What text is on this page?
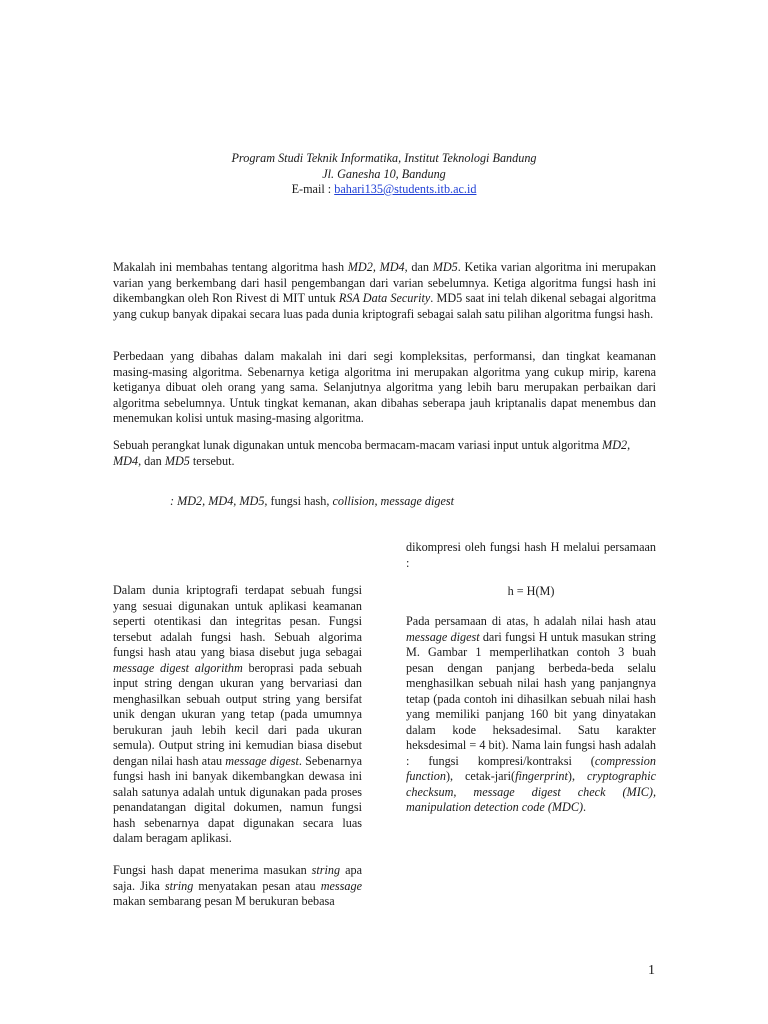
Program Studi Teknik Informatika, Institut Teknologi Bandung
Jl. Ganesha 10, Bandung
E-mail : bahari135@students.itb.ac.id

Makalah ini membahas tentang algoritma hash MD2, MD4, dan MD5. Ketika varian algoritma ini merupakan varian yang berkembang dari hasil pengembangan dari varian sebelumnya. Ketiga algoritma fungsi hash ini dikembangkan oleh Ron Rivest di MIT untuk RSA Data Security. MD5 saat ini telah dikenal sebagai algoritma yang cukup banyak dipakai secara luas pada dunia kriptografi sebagai salah satu pilihan algoritma fungsi hash.

Perbedaan yang dibahas dalam makalah ini dari segi kompleksitas, performansi, dan tingkat keamanan masing-masing algoritma. Sebenarnya ketiga algoritma ini merupakan algoritma yang cukup mirip, karena ketiganya dibuat oleh orang yang sama. Selanjutnya algoritma yang lebih baru merupakan perbaikan dari algoritma sebelumnya. Untuk tingkat kemanan, akan dibahas seberapa jauh kriptanalis dapat menembus dan menemukan kolisi untuk masing-masing algoritma.

Sebuah perangkat lunak digunakan untuk mencoba bermacam-macam variasi input untuk algoritma MD2, MD4, dan MD5 tersebut.

: MD2, MD4, MD5, fungsi hash, collision, message digest

Dalam dunia kriptografi terdapat sebuah fungsi yang sesuai digunakan untuk aplikasi keamanan seperti otentikasi dan integritas pesan. Fungsi tersebut adalah fungsi hash. Sebuah algorima fungsi hash atau yang biasa disebut juga sebagai message digest algorithm beroprasi pada sebuah input string dengan ukuran yang bervariasi dan menghasilkan sebuah output string yang bersifat unik dengan ukuran yang tetap (pada umumnya berukuran jauh lebih kecil dari pada ukuran semula). Output string ini kemudian biasa disebut dengan nilai hash atau message digest. Sebenarnya fungsi hash ini banyak dikembangkan dewasa ini salah satunya adalah untuk digunakan pada proses penandatangan digital dokumen, namun fungsi hash sebenarnya dapat digunakan secara luas dalam beragam aplikasi.

Fungsi hash dapat menerima masukan string apa saja. Jika string menyatakan pesan atau message makan sembarang pesan M berukuran bebasa

dikompresi oleh fungsi hash H melalui persamaan :

h = H(M)

Pada persamaan di atas, h adalah nilai hash atau message digest dari fungsi H untuk masukan string M. Gambar 1 memperlihatkan contoh 3 buah pesan dengan panjang berbeda-beda selalu menghasilkan sebuah nilai hash yang panjangnya tetap (pada contoh ini dihasilkan sebuah nilai hash yang memiliki panjang 160 bit yang dinyatakan dalam kode heksadesimal. Satu karakter heksdesimal = 4 bit). Nama lain fungsi hash adalah : fungsi kompresi/kontraksi (compression function), cetak-jari(fingerprint), cryptographic checksum, message digest check (MIC), manipulation detection code (MDC).

1
